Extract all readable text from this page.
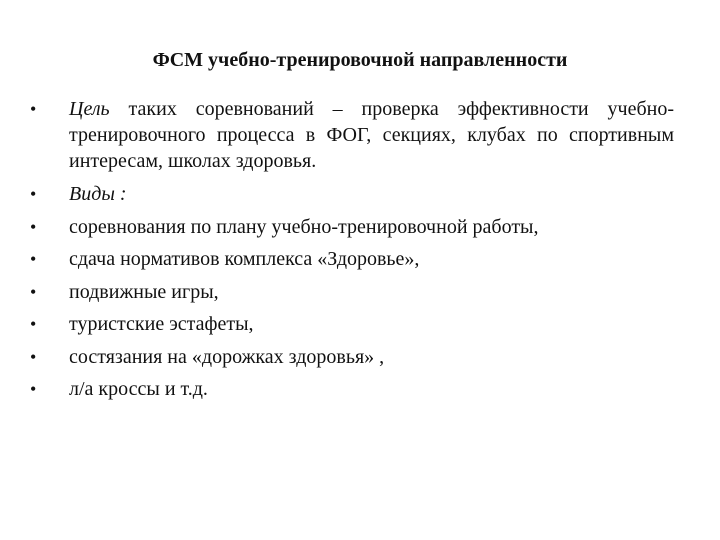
ФСМ учебно-тренировочной направленности
•	Цель таких соревнований – проверка эффективности учебно-тренировочного процесса в ФОГ, секциях, клубах по спортивным интересам, школах здоровья.
•	Виды :
•	соревнования по плану учебно-тренировочной работы,
•	сдача нормативов комплекса «Здоровье»,
•	подвижные игры,
•	туристские эстафеты,
•	состязания на «дорожках здоровья» ,
•	л/а кроссы и т.д.
